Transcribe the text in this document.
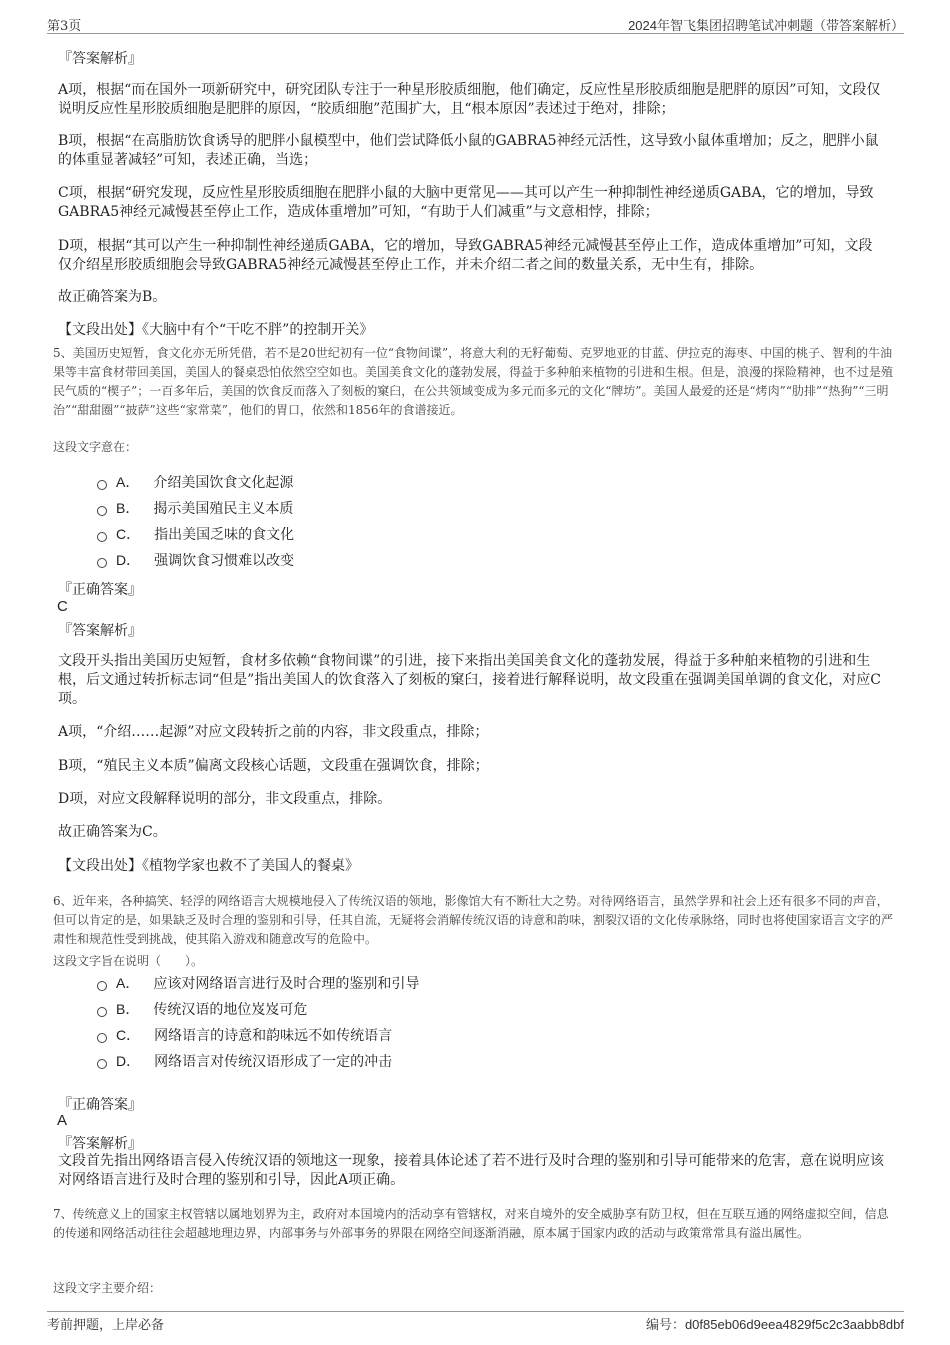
第3页	2024年智飞集团招聘笔试冲刺题（带答案解析）
『答案解析』
A项，根据“而在国外一项新研究中，研究团队专注于一种星形胶质细胞，他们确定，反应性星形胶质细胞是肥胖的原因”可知，文段仅说明反应性星形胶质细胞是肥胖的原因，“胶质细胞”范围扩大，且“根本原因”表述过于绝对，排除；
B项，根据“在高脂肪饮食诱导的肥胖小鼠模型中，他们尝试降低小鼠的GABRA5神经元活性，这导致小鼠体重增加；反之，肥胖小鼠的体重显著减轻”可知，表述正确，当选；
C项，根据“研究发现，反应性星形胶质细胞在肥胖小鼠的大脑中更常见——其可以产生一种抑制性神经递质GABA，它的增加，导致GABRA5神经元减慢甚至停止工作，造成体重增加”可知，“有助于人们减重”与文意相悖，排除；
D项，根据“其可以产生一种抑制性神经递质GABA，它的增加，导致GABRA5神经元减慢甚至停止工作，造成体重增加”可知，文段仅介绍星形胶质细胞会导致GABRA5神经元减慢甚至停止工作，并未介绍二者之间的数量关系，无中生有，排除。
故正确答案为B。
【文段出处】《大脑中有个“干吃不胖”的控制开关》
5、美国历史短暂，食文化亦无所凭借，若不是20世纪初有一位“食物间谍”，将意大利的无籽葡萄、克罗地亚的甘蓝、伊拉克的海枣、中国的桃子、智利的牛油果等丰富食材带回美国，美国人的餐桌恐怕依然空空如也。美国美食文化的蓬勃发展，得益于多种舶来植物的引进和生根。但是，浪漫的探险精神，也不过是殖民气质的“楔子”；一百多年后，美国的饮食反而落入了刻板的窠臼，在公共领域变成为多元而多元的文化“牌坊”。美国人最爱的还是“烤肉”“肋排”“热狗”“三明治”“甜甜圈”“披萨”这些“家常菜”，他们的胃口，依然和1856年的食谱接近。
这段文字意在：
A． 介绍美国饮食文化起源
B． 揭示美国殖民主义本质
C． 指出美国乏味的食文化
D． 强调饮食习惯难以改变
『正确答案』
C
『答案解析』
文段开头指出美国历史短暂，食材多依赖“食物间谍”的引进，接下来指出美国美食文化的蓬勃发展，得益于多种舶来植物的引进和生根，后文通过转折标志词“但是”指出美国人的饮食落入了刻板的窠臼，接着进行解释说明，故文段重在强调美国单调的食文化，对应C项。
A项，“介绍……起源”对应文段转折之前的内容，非文段重点，排除；
B项，“殖民主义本质”偏离文段核心话题，文段重在强调饮食，排除；
D项，对应文段解释说明的部分，非文段重点，排除。
故正确答案为C。
【文段出处】《植物学家也救不了美国人的餐桌》
6、近年来，各种搞笑、轻浮的网络语言大规模地侵入了传统汉语的领地，影像馆大有不断壮大之势。对待网络语言，虽然学界和社会上还有很多不同的声音，但可以肯定的是，如果缺乏及时合理的鉴别和引导，任其自流，无疑将会消解传统汉语的诗意和韵味，割裂汉语的文化传承脉络，同时也将使国家语言文字的严肃性和规范性受到挑战，使其陷入游戏和随意改写的危险中。
这段文字旨在说明（　　）。
A． 应该对网络语言进行及时合理的鉴别和引导
B． 传统汉语的地位岌岌可危
C． 网络语言的诗意和韵味远不如传统语言
D． 网络语言对传统汉语形成了一定的冲击
『正确答案』
A
『答案解析』
文段首先指出网络语言侵入传统汉语的领地这一现象，接着具体论述了若不进行及时合理的鉴别和引导可能带来的危害，意在说明应该对网络语言进行及时合理的鉴别和引导，因此A项正确。
7、传统意义上的国家主权管辖以属地划界为主，政府对本国境内的活动享有管辖权，对来自境外的安全威胁享有防卫权，但在互联互通的网络虚拟空间，信息的传递和网络活动往往会超越地理边界，内部事务与外部事务的界限在网络空间逐渐消融，原本属于国家内政的活动与政策常常具有溢出属性。
这段文字主要介绍：
考前押题，上岸必备	编号：d0f85eb06d9eea4829f5c2c3aabb8dbf
